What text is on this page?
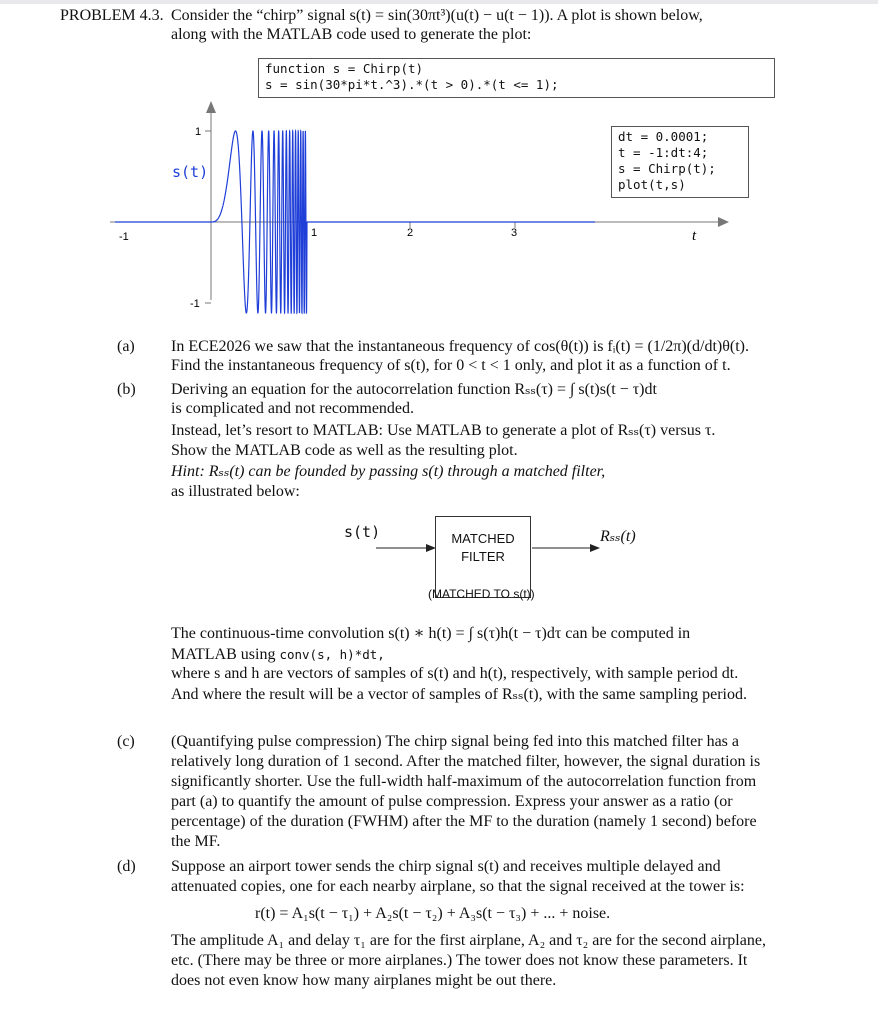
PROBLEM 4.3. Consider the “chirp” signal s(t) = sin(30πt³)(u(t) − u(t − 1)). A plot is shown below,
along with the MATLAB code used to generate the plot:
function s = Chirp(t)
s = sin(30*pi*t.^3).*(t > 0).*(t <= 1);
-1	1	2	3
1
-1
s(t)
t
dt = 0.0001;
t = -1:dt:4;
s = Chirp(t);
plot(t,s)
(a) In ECE2026 we saw that the instantaneous frequency of cos(θ(t)) is fᵢ(t) = (1/2π)(d/dt)θ(t).
Find the instantaneous frequency of s(t), for 0 < t < 1 only, and plot it as a function of t.
(b) Deriving an equation for the autocorrelation function Rₛₛ(τ) = ∫ s(t)s(t − τ)dt
is complicated and not recommended.
Instead, let’s resort to MATLAB: Use MATLAB to generate a plot of Rₛₛ(τ) versus τ.
Show the MATLAB code as well as the resulting plot.
Hint: Rₛₛ(t) can be founded by passing s(t) through a matched filter,
as illustrated below:
s(t)	MATCHED
FILTER
(MATCHED TO s(t))
Rₛₛ(t)
The continuous-time convolution s(t) ∗ h(t) = ∫ s(τ)h(t − τ)dτ can be computed in
MATLAB using conv(s, h)*dt,
where s and h are vectors of samples of s(t) and h(t), respectively, with sample period dt.
And where the result will be a vector of samples of Rₛₛ(t), with the same sampling period.
(c) (Quantifying pulse compression) The chirp signal being fed into this matched filter has a
relatively long duration of 1 second. After the matched filter, however, the signal duration is
significantly shorter. Use the full-width half-maximum of the autocorrelation function from
part (a) to quantify the amount of pulse compression. Express your answer as a ratio (or
percentage) of the duration (FWHM) after the MF to the duration (namely 1 second) before
the MF.
(d) Suppose an airport tower sends the chirp signal s(t) and receives multiple delayed and
attenuated copies, one for each nearby airplane, so that the signal received at the tower is:
r(t) = A₁s(t − τ₁) + A₂s(t − τ₂) + A₃s(t − τ₃) + ... + noise.
The amplitude A₁ and delay τ₁ are for the first airplane, A₂ and τ₂ are for the second airplane,
etc. (There may be three or more airplanes.) The tower does not know these parameters. It
does not even know how many airplanes might be out there.
